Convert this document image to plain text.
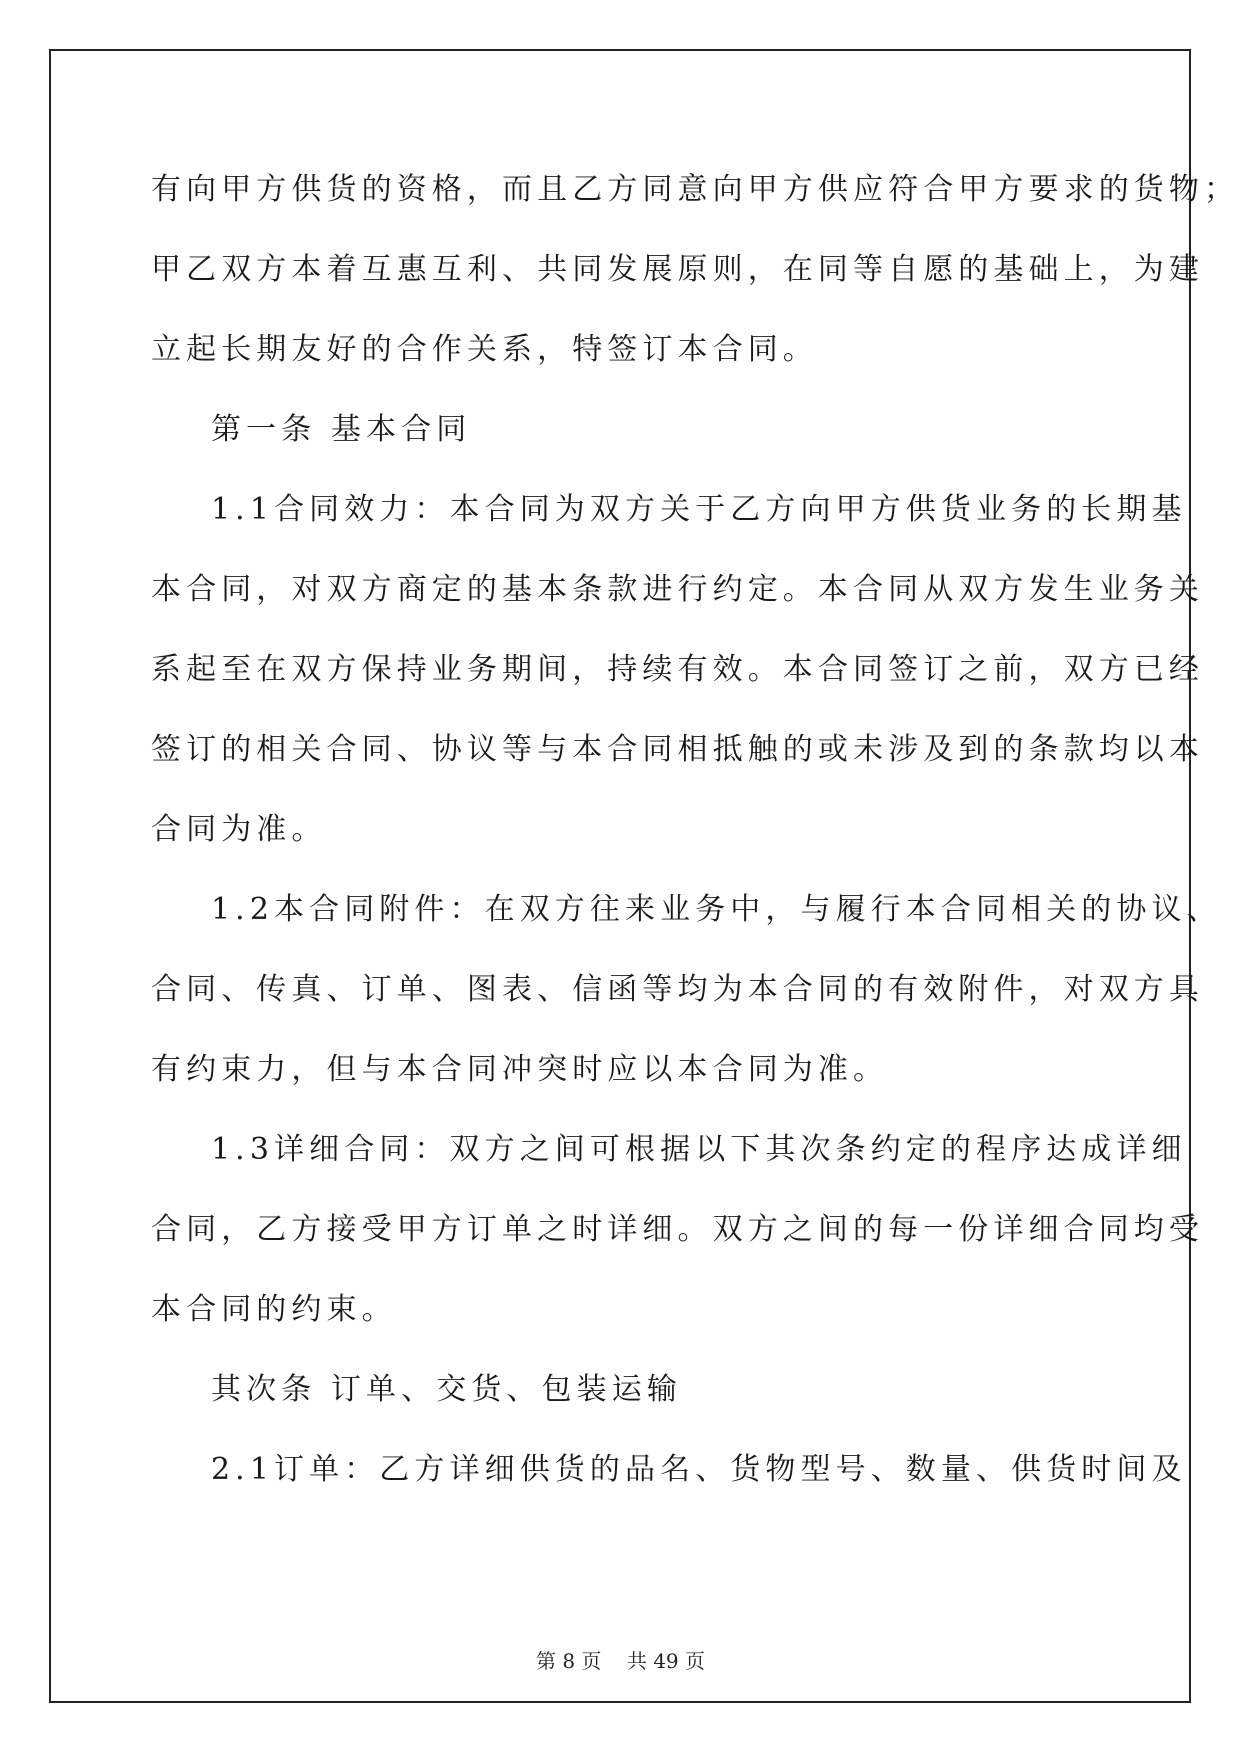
有向甲方供货的资格，而且乙方同意向甲方供应符合甲方要求的货物；
甲乙双方本着互惠互利、共同发展原则，在同等自愿的基础上，为建
立起长期友好的合作关系，特签订本合同。
第一条 基本合同
1.1合同效力：本合同为双方关于乙方向甲方供货业务的长期基
本合同，对双方商定的基本条款进行约定。本合同从双方发生业务关
系起至在双方保持业务期间，持续有效。本合同签订之前，双方已经
签订的相关合同、协议等与本合同相抵触的或未涉及到的条款均以本
合同为准。
1.2本合同附件：在双方往来业务中，与履行本合同相关的协议、
合同、传真、订单、图表、信函等均为本合同的有效附件，对双方具
有约束力，但与本合同冲突时应以本合同为准。
1.3详细合同：双方之间可根据以下其次条约定的程序达成详细
合同，乙方接受甲方订单之时详细。双方之间的每一份详细合同均受
本合同的约束。
其次条 订单、交货、包装运输
2.1订单：乙方详细供货的品名、货物型号、数量、供货时间及
第 8 页    共 49 页
